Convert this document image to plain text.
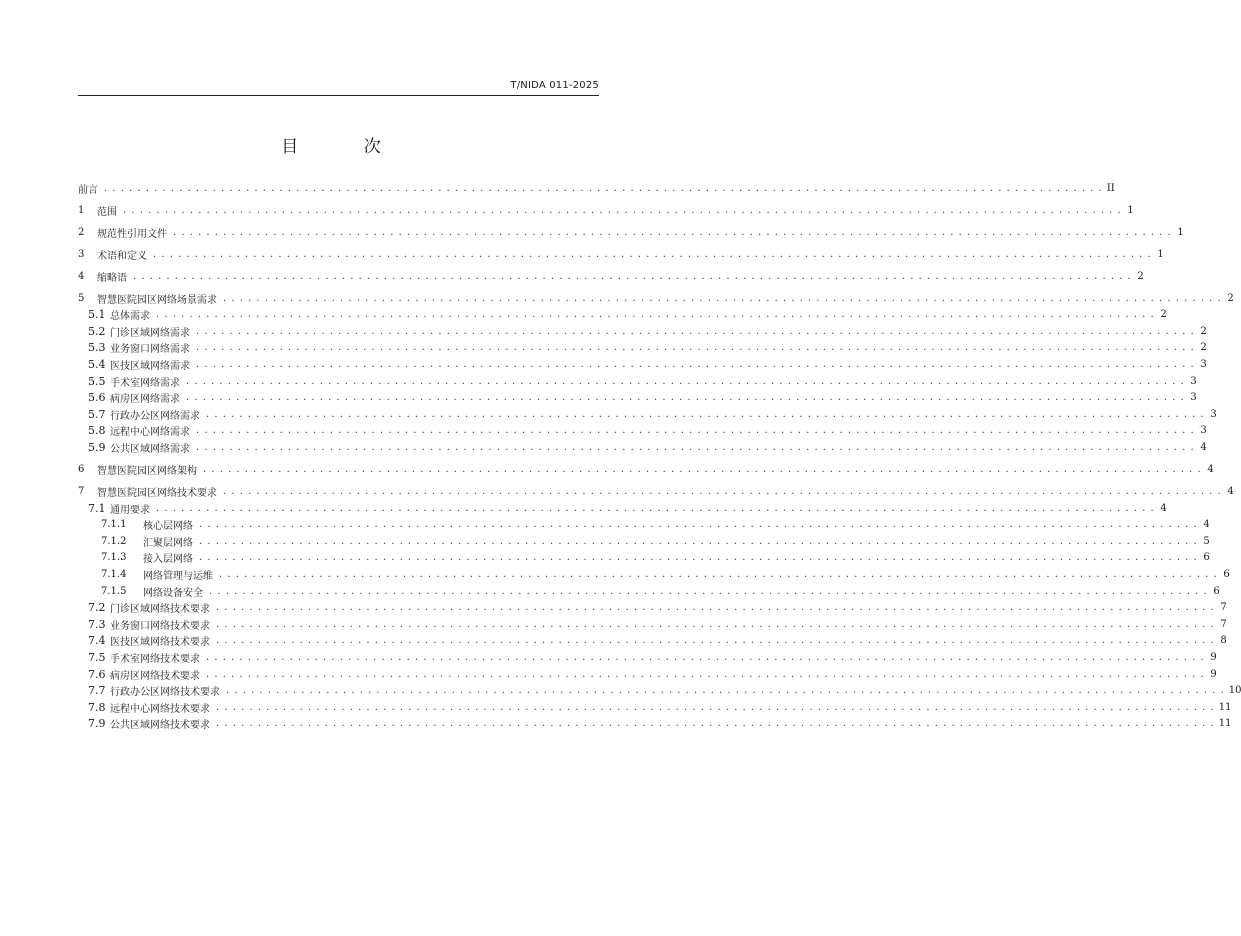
T/NIDA 011-2025
目 次
前言 . . . . . . . . . . . . . . . . . . . . . . . . . . . . . . . . . . . . . . . . . . . . . . . . . . . . . . . . . . . . . . . . . . . . . . . . . . . . . . . . . . . . . . . . . . . . . . . . . . . . . . . . . . . . . . . . . . . . . . . . II
1	范围 . . . . . . . . . . . . . . . . . . . . . . . . . . . . . . . . . . . . . . . . . . . . . . . . . . . . . . . . . . . . . . . . . . . . . . . . . . . . . . . . . . . . . . . . . . . . . . . . . . . . . . . . . . . . . . . . . . . . . . . . 1
2	规范性引用文件 . . . . . . . . . . . . . . . . . . . . . . . . . . . . . . . . . . . . . . . . . . . . . . . . . . . . . . . . . . . . . . . . . . . . . . . . . . . . . . . . . . . . . . . . . . . . . . . . . . . . . . . . . . . . . . . . . . . . . . . . 1
3	术语和定义 . . . . . . . . . . . . . . . . . . . . . . . . . . . . . . . . . . . . . . . . . . . . . . . . . . . . . . . . . . . . . . . . . . . . . . . . . . . . . . . . . . . . . . . . . . . . . . . . . . . . . . . . . . . . . . . . . . . . . . . . 1
4	缩略语 . . . . . . . . . . . . . . . . . . . . . . . . . . . . . . . . . . . . . . . . . . . . . . . . . . . . . . . . . . . . . . . . . . . . . . . . . . . . . . . . . . . . . . . . . . . . . . . . . . . . . . . . . . . . . . . . . . . . . . . . 2
5	智慧医院园区网络场景需求 . . . . . . . . . . . . . . . . . . . . . . . . . . . . . . . . . . . . . . . . . . . . . . . . . . . . . . . . . . . . . . . . . . . . . . . . . . . . . . . . . . . . . . . . . . . . . . . . . . . . . . . . . . . . . . . . . . . . . . . . 2
5.1 总体需求 . . . . . . . . . . . . . . . . . . . . . . . . . . . . . . . . . . . . . . . . . . . . . . . . . . . . . . . . . . . . . . . . . . . . . . . . . . . . . . . . . . . . . . . . . . . . . . . . . . . . . . . . . . . . . . . . . . . . . . . . 2
5.2 门诊区域网络需求 . . . . . . . . . . . . . . . . . . . . . . . . . . . . . . . . . . . . . . . . . . . . . . . . . . . . . . . . . . . . . . . . . . . . . . . . . . . . . . . . . . . . . . . . . . . . . . . . . . . . . . . . . . . . . . . . . . . . . . . . 2
5.3 业务窗口网络需求 . . . . . . . . . . . . . . . . . . . . . . . . . . . . . . . . . . . . . . . . . . . . . . . . . . . . . . . . . . . . . . . . . . . . . . . . . . . . . . . . . . . . . . . . . . . . . . . . . . . . . . . . . . . . . . . . . . . . . . . . 2
5.4 医技区域网络需求 . . . . . . . . . . . . . . . . . . . . . . . . . . . . . . . . . . . . . . . . . . . . . . . . . . . . . . . . . . . . . . . . . . . . . . . . . . . . . . . . . . . . . . . . . . . . . . . . . . . . . . . . . . . . . . . . . . . . . . . . 3
5.5 手术室网络需求 . . . . . . . . . . . . . . . . . . . . . . . . . . . . . . . . . . . . . . . . . . . . . . . . . . . . . . . . . . . . . . . . . . . . . . . . . . . . . . . . . . . . . . . . . . . . . . . . . . . . . . . . . . . . . . . . . . . . . . . . 3
5.6 病房区网络需求 . . . . . . . . . . . . . . . . . . . . . . . . . . . . . . . . . . . . . . . . . . . . . . . . . . . . . . . . . . . . . . . . . . . . . . . . . . . . . . . . . . . . . . . . . . . . . . . . . . . . . . . . . . . . . . . . . . . . . . . . 3
5.7 行政办公区网络需求 . . . . . . . . . . . . . . . . . . . . . . . . . . . . . . . . . . . . . . . . . . . . . . . . . . . . . . . . . . . . . . . . . . . . . . . . . . . . . . . . . . . . . . . . . . . . . . . . . . . . . . . . . . . . . . . . . . . . . . . . 3
5.8 远程中心网络需求 . . . . . . . . . . . . . . . . . . . . . . . . . . . . . . . . . . . . . . . . . . . . . . . . . . . . . . . . . . . . . . . . . . . . . . . . . . . . . . . . . . . . . . . . . . . . . . . . . . . . . . . . . . . . . . . . . . . . . . . . 3
5.9 公共区域网络需求 . . . . . . . . . . . . . . . . . . . . . . . . . . . . . . . . . . . . . . . . . . . . . . . . . . . . . . . . . . . . . . . . . . . . . . . . . . . . . . . . . . . . . . . . . . . . . . . . . . . . . . . . . . . . . . . . . . . . . . . . 4
6	智慧医院园区网络架构 . . . . . . . . . . . . . . . . . . . . . . . . . . . . . . . . . . . . . . . . . . . . . . . . . . . . . . . . . . . . . . . . . . . . . . . . . . . . . . . . . . . . . . . . . . . . . . . . . . . . . . . . . . . . . . . . . . . . . . . . 4
7	智慧医院园区网络技术要求 . . . . . . . . . . . . . . . . . . . . . . . . . . . . . . . . . . . . . . . . . . . . . . . . . . . . . . . . . . . . . . . . . . . . . . . . . . . . . . . . . . . . . . . . . . . . . . . . . . . . . . . . . . . . . . . . . . . . . . . . 4
7.1 通用要求 . . . . . . . . . . . . . . . . . . . . . . . . . . . . . . . . . . . . . . . . . . . . . . . . . . . . . . . . . . . . . . . . . . . . . . . . . . . . . . . . . . . . . . . . . . . . . . . . . . . . . . . . . . . . . . . . . . . . . . . . 4
7.1.1	核心层网络 . . . . . . . . . . . . . . . . . . . . . . . . . . . . . . . . . . . . . . . . . . . . . . . . . . . . . . . . . . . . . . . . . . . . . . . . . . . . . . . . . . . . . . . . . . . . . . . . . . . . . . . . . . . . . . . . . . . . . . . . 4
7.1.2	汇聚层网络 . . . . . . . . . . . . . . . . . . . . . . . . . . . . . . . . . . . . . . . . . . . . . . . . . . . . . . . . . . . . . . . . . . . . . . . . . . . . . . . . . . . . . . . . . . . . . . . . . . . . . . . . . . . . . . . . . . . . . . . . 5
7.1.3	接入层网络 . . . . . . . . . . . . . . . . . . . . . . . . . . . . . . . . . . . . . . . . . . . . . . . . . . . . . . . . . . . . . . . . . . . . . . . . . . . . . . . . . . . . . . . . . . . . . . . . . . . . . . . . . . . . . . . . . . . . . . . . 6
7.1.4	网络管理与运维 . . . . . . . . . . . . . . . . . . . . . . . . . . . . . . . . . . . . . . . . . . . . . . . . . . . . . . . . . . . . . . . . . . . . . . . . . . . . . . . . . . . . . . . . . . . . . . . . . . . . . . . . . . . . . . . . . . . . . . . . 6
7.1.5	网络设备安全 . . . . . . . . . . . . . . . . . . . . . . . . . . . . . . . . . . . . . . . . . . . . . . . . . . . . . . . . . . . . . . . . . . . . . . . . . . . . . . . . . . . . . . . . . . . . . . . . . . . . . . . . . . . . . . . . . . . . . . . . 6
7.2 门诊区域网络技术要求 . . . . . . . . . . . . . . . . . . . . . . . . . . . . . . . . . . . . . . . . . . . . . . . . . . . . . . . . . . . . . . . . . . . . . . . . . . . . . . . . . . . . . . . . . . . . . . . . . . . . . . . . . . . . . . . . . . . . . . . . 7
7.3 业务窗口网络技术要求 . . . . . . . . . . . . . . . . . . . . . . . . . . . . . . . . . . . . . . . . . . . . . . . . . . . . . . . . . . . . . . . . . . . . . . . . . . . . . . . . . . . . . . . . . . . . . . . . . . . . . . . . . . . . . . . . . . . . . . . . 7
7.4 医技区域网络技术要求 . . . . . . . . . . . . . . . . . . . . . . . . . . . . . . . . . . . . . . . . . . . . . . . . . . . . . . . . . . . . . . . . . . . . . . . . . . . . . . . . . . . . . . . . . . . . . . . . . . . . . . . . . . . . . . . . . . . . . . . . 8
7.5 手术室网络技术要求 . . . . . . . . . . . . . . . . . . . . . . . . . . . . . . . . . . . . . . . . . . . . . . . . . . . . . . . . . . . . . . . . . . . . . . . . . . . . . . . . . . . . . . . . . . . . . . . . . . . . . . . . . . . . . . . . . . . . . . . . 9
7.6 病房区网络技术要求 . . . . . . . . . . . . . . . . . . . . . . . . . . . . . . . . . . . . . . . . . . . . . . . . . . . . . . . . . . . . . . . . . . . . . . . . . . . . . . . . . . . . . . . . . . . . . . . . . . . . . . . . . . . . . . . . . . . . . . . . 9
7.7 行政办公区网络技术要求 . . . . . . . . . . . . . . . . . . . . . . . . . . . . . . . . . . . . . . . . . . . . . . . . . . . . . . . . . . . . . . . . . . . . . . . . . . . . . . . . . . . . . . . . . . . . . . . . . . . . . . . . . . . . . . . . . . . . . . . . 10
7.8 远程中心网络技术要求 . . . . . . . . . . . . . . . . . . . . . . . . . . . . . . . . . . . . . . . . . . . . . . . . . . . . . . . . . . . . . . . . . . . . . . . . . . . . . . . . . . . . . . . . . . . . . . . . . . . . . . . . . . . . . . . . . . . . . . . . 11
7.9 公共区域网络技术要求 . . . . . . . . . . . . . . . . . . . . . . . . . . . . . . . . . . . . . . . . . . . . . . . . . . . . . . . . . . . . . . . . . . . . . . . . . . . . . . . . . . . . . . . . . . . . . . . . . . . . . . . . . . . . . . . . . . . . . . . . 11
